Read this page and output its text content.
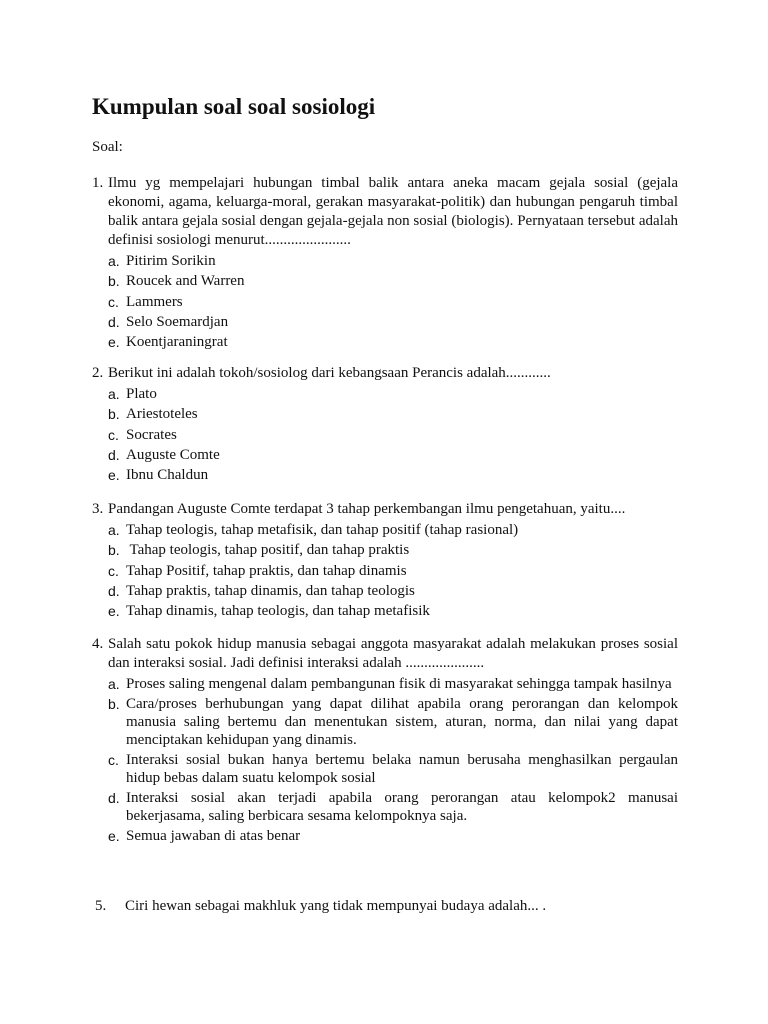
Kumpulan soal soal sosiologi
Soal:
1. Ilmu yg mempelajari hubungan timbal balik antara aneka macam gejala sosial (gejala ekonomi, agama, keluarga-moral, gerakan masyarakat-politik) dan hubungan pengaruh timbal balik antara gejala sosial dengan gejala-gejala non sosial (biologis). Pernyataan tersebut adalah definisi sosiologi menurut.......................
a. Pitirim Sorikin
b. Roucek and Warren
c. Lammers
d. Selo Soemardjan
e. Koentjaraningrat
2. Berikut ini adalah tokoh/sosiolog dari kebangsaan Perancis adalah............
a. Plato
b. Ariestoteles
c. Socrates
d. Auguste Comte
e. Ibnu Chaldun
3. Pandangan Auguste Comte terdapat 3 tahap perkembangan ilmu pengetahuan, yaitu....
a. Tahap teologis, tahap metafisik, dan tahap positif (tahap rasional)
b. Tahap teologis, tahap positif, dan tahap praktis
c. Tahap Positif, tahap praktis, dan tahap dinamis
d. Tahap praktis, tahap dinamis, dan tahap teologis
e. Tahap dinamis, tahap teologis, dan tahap metafisik
4. Salah satu pokok hidup manusia sebagai anggota masyarakat adalah melakukan proses sosial dan interaksi sosial. Jadi definisi interaksi adalah .....................
a. Proses saling mengenal dalam pembangunan fisik di masyarakat sehingga tampak hasilnya
b. Cara/proses berhubungan yang dapat dilihat apabila orang perorangan dan kelompok manusia saling bertemu dan menentukan sistem, aturan, norma, dan nilai yang dapat menciptakan kehidupan yang dinamis.
c. Interaksi sosial bukan hanya bertemu belaka namun berusaha menghasilkan pergaulan hidup bebas dalam suatu kelompok sosial
d. Interaksi sosial akan terjadi apabila orang perorangan atau kelompok2 manusai bekerjasama, saling berbicara sesama kelompoknya saja.
e. Semua jawaban di atas benar
5.	Ciri hewan sebagai makhluk yang tidak mempunyai budaya adalah... .
